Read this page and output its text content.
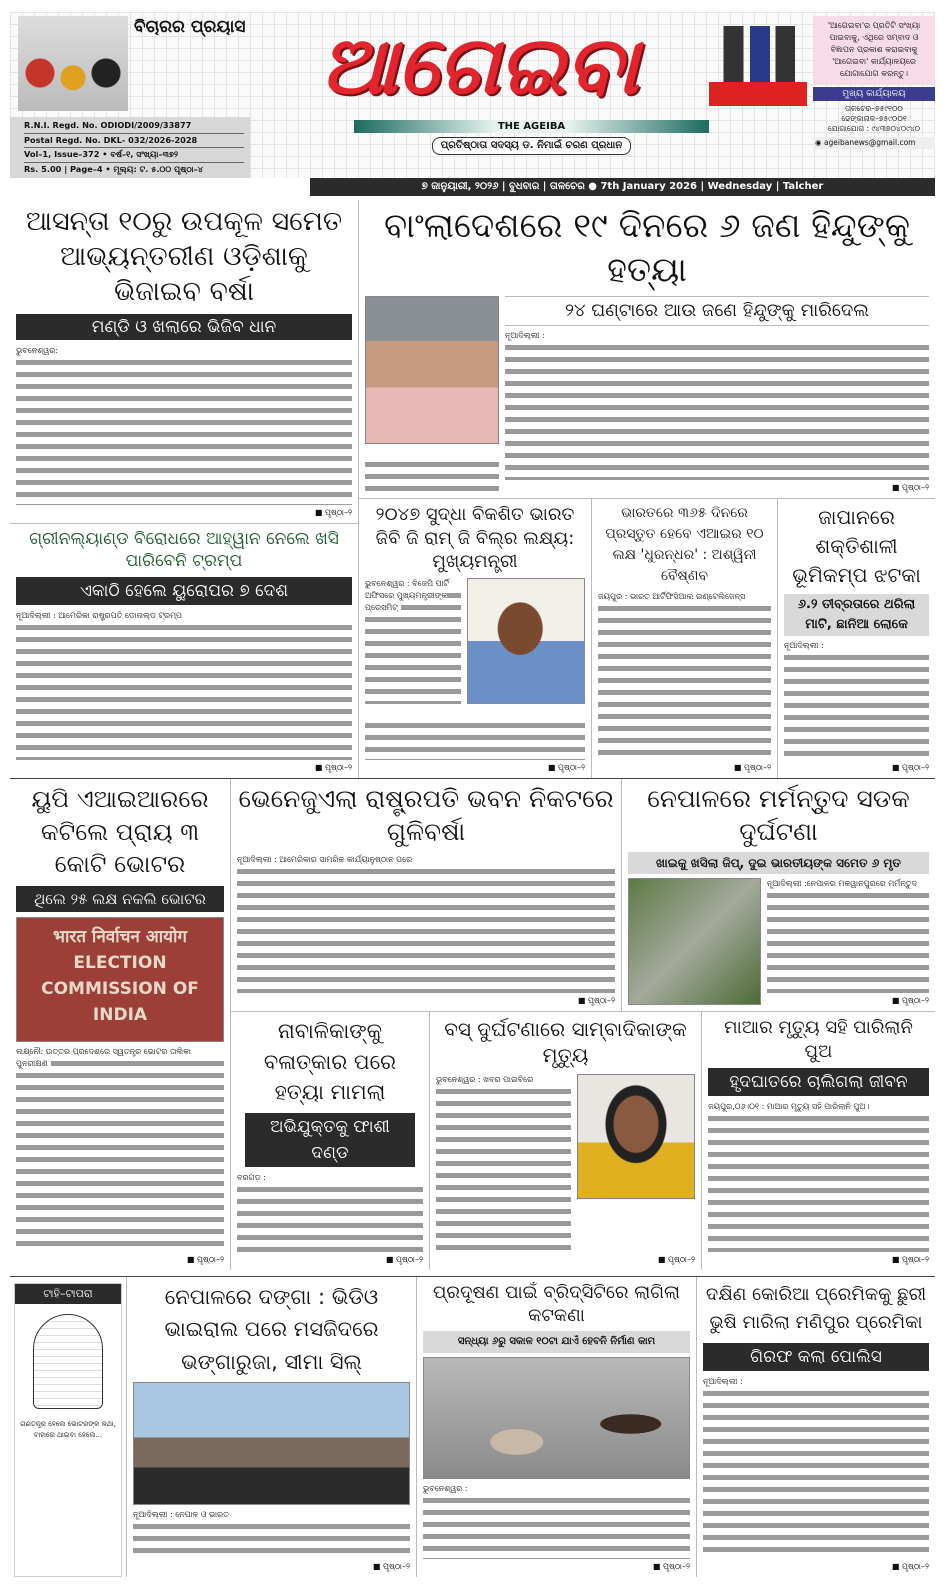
ବିଚାରର ପ୍ରୟାସ
R.N.I. Regd. No. ODIODI/2009/33877
Postal Regd. No. DKL- 032/2026-2028
Vol–1, Issue–372 • ବର୍ଷ–୧, ସଂଖ୍ୟା–୩୭୨
Rs. 5.00 | Page–4 • ମୂଲ୍ୟ: ଟ. ୫.୦୦ ପୃଷ୍ଠା–୪
ଆଗେଇବା
THE AGEIBA
ପ୍ରତିଷ୍ଠାତା ସଦସ୍ୟ ଡ. ନିମାଇଁ ଚରଣ ପ୍ରଧାନ
'ଆଗେଇବା'ର ପ୍ରତିଟି ସଂଖ୍ୟା ପାଇବାକୁ, ଏଥିରେ ସମ୍ବାଦ ଓ ବିଜ୍ଞାପନ ପ୍ରକାଶ କରାଇବାକୁ 'ଆଗେଇବା' କାର୍ଯ୍ୟାଳୟରେ ଯୋଗାଯୋଗ କରନ୍ତୁ।
ମୁଖ୍ୟ କାର୍ଯ୍ୟାଳୟ
ତାଳଚେର–୭୫୯୧୦୦
ଢେଙ୍କାନାଳ–୭୫୯୦୦୧
ଯୋଗାଯୋଗ : ୯୪୩୭୦୪୦୯୪୦
◉ ageibanews@gmail.com
୭ ଜାନୁୟାରୀ, ୨୦୨୬ | ବୁଧବାର | ତାଳଚେର ● 7th January 2026 | Wednesday | Talcher
ଆସନ୍ତା ୧୦ରୁ ଉପକୂଳ ସମେତ ଆଭ୍ୟନ୍ତରୀଣ ଓଡ଼ିଶାକୁ ଭିଜାଇବ ବର୍ଷା
ମଣ୍ଡି ଓ ଖଲାରେ ଭିଜିବ ଧାନ
ଭୁବନେଶ୍ୱର:
■ ପୃଷ୍ଠା–୨
ଗ୍ରୀନଲ୍ୟାଣ୍ଡ ବିରୋଧରେ ଆହ୍ୱାନ ନେଲେ ଖସି ପାରିବେନି ଟ୍ରମ୍ପ
ଏକାଠି ହେଲେ ୟୁରୋପର ୭ ଦେଶ
ନୂଆଦିଲ୍ଲୀ : ଆମେରିକା ରାଷ୍ଟ୍ରପତି ଡୋନାଲ୍ଡ ଟ୍ରମ୍ପ
■ ପୃଷ୍ଠା–୨
ବାଂଲାଦେଶରେ ୧୯ ଦିନରେ ୬ ଜଣ ହିନ୍ଦୁଙ୍କୁ ହତ୍ୟା
୨୪ ଘଣ୍ଟାରେ ଆଉ ଜଣେ ହିନ୍ଦୁଙ୍କୁ ମାରିଦେଲ
ନୂଆଦିଲ୍ଲୀ :
■ ପୃଷ୍ଠା–୨
୨୦୪୭ ସୁଦ୍ଧା ବିକଶିତ ଭାରତ ଜିବି ଜି ରାମ୍ ଜି ବିଲ୍‌ର ଲକ୍ଷ୍ୟ: ମୁଖ୍ୟମନ୍ତ୍ରୀ
ଭୁବନେଶ୍ୱର : ବିଜେପି ପାର୍ଟି ଅଫିସରେ ମୁଖ୍ୟମନ୍ତ୍ରୀଙ୍କ ପ୍ରେସମିଟ୍
■ ପୃଷ୍ଠା–୨
ଭାରତରେ ୩୬୫ ଦିନରେ ପ୍ରସ୍ତୁତ ହେବେ ଏଆଇର ୧୦ ଲକ୍ଷ 'ଧୁରନ୍ଧର' : ଅଶ୍ୱିନୀ ବୈଷ୍ଣବ
ଜୟପୁର : ଭାରତ ଆର୍ଟିଫିସିଆଲ ଇଣ୍ଟେଲିଜେନ୍ସ
■ ପୃଷ୍ଠା–୨
ଜାପାନରେ ଶକ୍ତିଶାଳୀ ଭୂମିକମ୍ପ ଝଟକା
୬.୨ ତୀବ୍ରତାରେ ଥରିଲା ମାଟି, ଛାନିଆ ଲୋକେ
ନୂଆଦିଲ୍ଲୀ :
■ ପୃଷ୍ଠା–୨
ୟୁପି ଏଆଇଆରରେ କଟିଲେ ପ୍ରାୟ ୩ କୋଟି ଭୋଟର
ଥିଲେ ୨୫ ଲକ୍ଷ ନକଲି ଭୋଟର
भारत निर्वाचन आयोग ELECTION COMMISSION OF INDIA
ଲକ୍ଷ୍ନୌ: ଉତ୍ତର ପ୍ରଦେଶରେ ସ୍ୱତନ୍ତ୍ର ଭୋଟର ତାଲିକା ପୁନରୀକ୍ଷଣ
■ ପୃଷ୍ଠା–୨
ଭେନେଜୁଏଲା ରାଷ୍ଟ୍ରପତି ଭବନ ନିକଟରେ ଗୁଳିବର୍ଷା
ନୂଆଦିଲ୍ଲୀ : ଆମେରିକାର ସାମରିକ କାର୍ଯ୍ୟାନୁଷ୍ଠାନ ପରେ
■ ପୃଷ୍ଠା–୨
ନେପାଳରେ ମର୍ମନ୍ତୁଦ ସଡକ ଦୁର୍ଘଟଣା
ଖାଇକୁ ଖସିଲା ଜିପ୍, ଦୁଇ ଭାରତୀୟଙ୍କ ସମେତ ୬ ମୃତ
ନୂଆଦିଲ୍ଲୀ :ନେପାଳର ମକୱାନପୁରରେ ମର୍ମନ୍ତୁଦ
■ ପୃଷ୍ଠା–୨
ନାବାଳିକାଙ୍କୁ ବଳାତ୍କାର ପରେ ହତ୍ୟା ମାମଲା
ଅଭିଯୁକ୍ତକୁ ଫାଶୀ ଦଣ୍ଡ
ବରଗଡ଼ :
■ ପୃଷ୍ଠା–୨
ବସ୍ ଦୁର୍ଘଟଣାରେ ସାମ୍ବାଦିକାଙ୍କ ମୃତ୍ୟୁ
ଭୁବନେଶ୍ୱର : ଖବର ପାଇବିରେ
■ ପୃଷ୍ଠା–୨
ମାଆର ମୃତ୍ୟୁ ସହି ପାରିଲାନି ପୁଅ
ହୃଦଘାତରେ ଚାଲିଗଲା ଜୀବନ
ଜୟପୁର,୦୬।୦୧ : ମାଆର ମୃତ୍ୟୁ ସହି ପାରିଲାନି ପୁଅ।
■ ପୃଷ୍ଠା–୨
ଟାହି–ଟାପରା
ଗଣତନ୍ତ୍ର ହେଲେ ଭୋଟରଙ୍କ କଥା, ବାହାରେ ଥାଇବା ହେଲେ...
ନେପାଳରେ ଦଙ୍ଗା : ଭିଡିଓ ଭାଇରାଲ ପରେ ମସଜିଦରେ ଭଙ୍ଗାରୁଜା, ସୀମା ସିଲ୍
ନୂଆଦିଲ୍ଲୀ : ନେପାଳ ଓ ଭାରତ
■ ପୃଷ୍ଠା–୨
ପ୍ରଦୂଷଣ ପାଇଁ ବ୍ରିଦ୍‌ସିଟିରେ ଲାଗିଲା କଟକଣା
ସନ୍ଧ୍ୟା ୬ରୁ ସକାଳ ୧୦ଟା ଯାଏଁ ହେବନି ନିର୍ମାଣ କାମ
ଭୁବନେଶ୍ୱର :
■ ପୃଷ୍ଠା–୨
ଦକ୍ଷିଣ କୋରିଆ ପ୍ରେମିକକୁ ଛୁରୀ ଭୁଷି ମାରିଲା ମଣିପୁର ପ୍ରେମିକା
ଗିରଫ କଲା ପୋଲିସ
ନୂଆଦିଲ୍ଲୀ :
■ ପୃଷ୍ଠା–୨
